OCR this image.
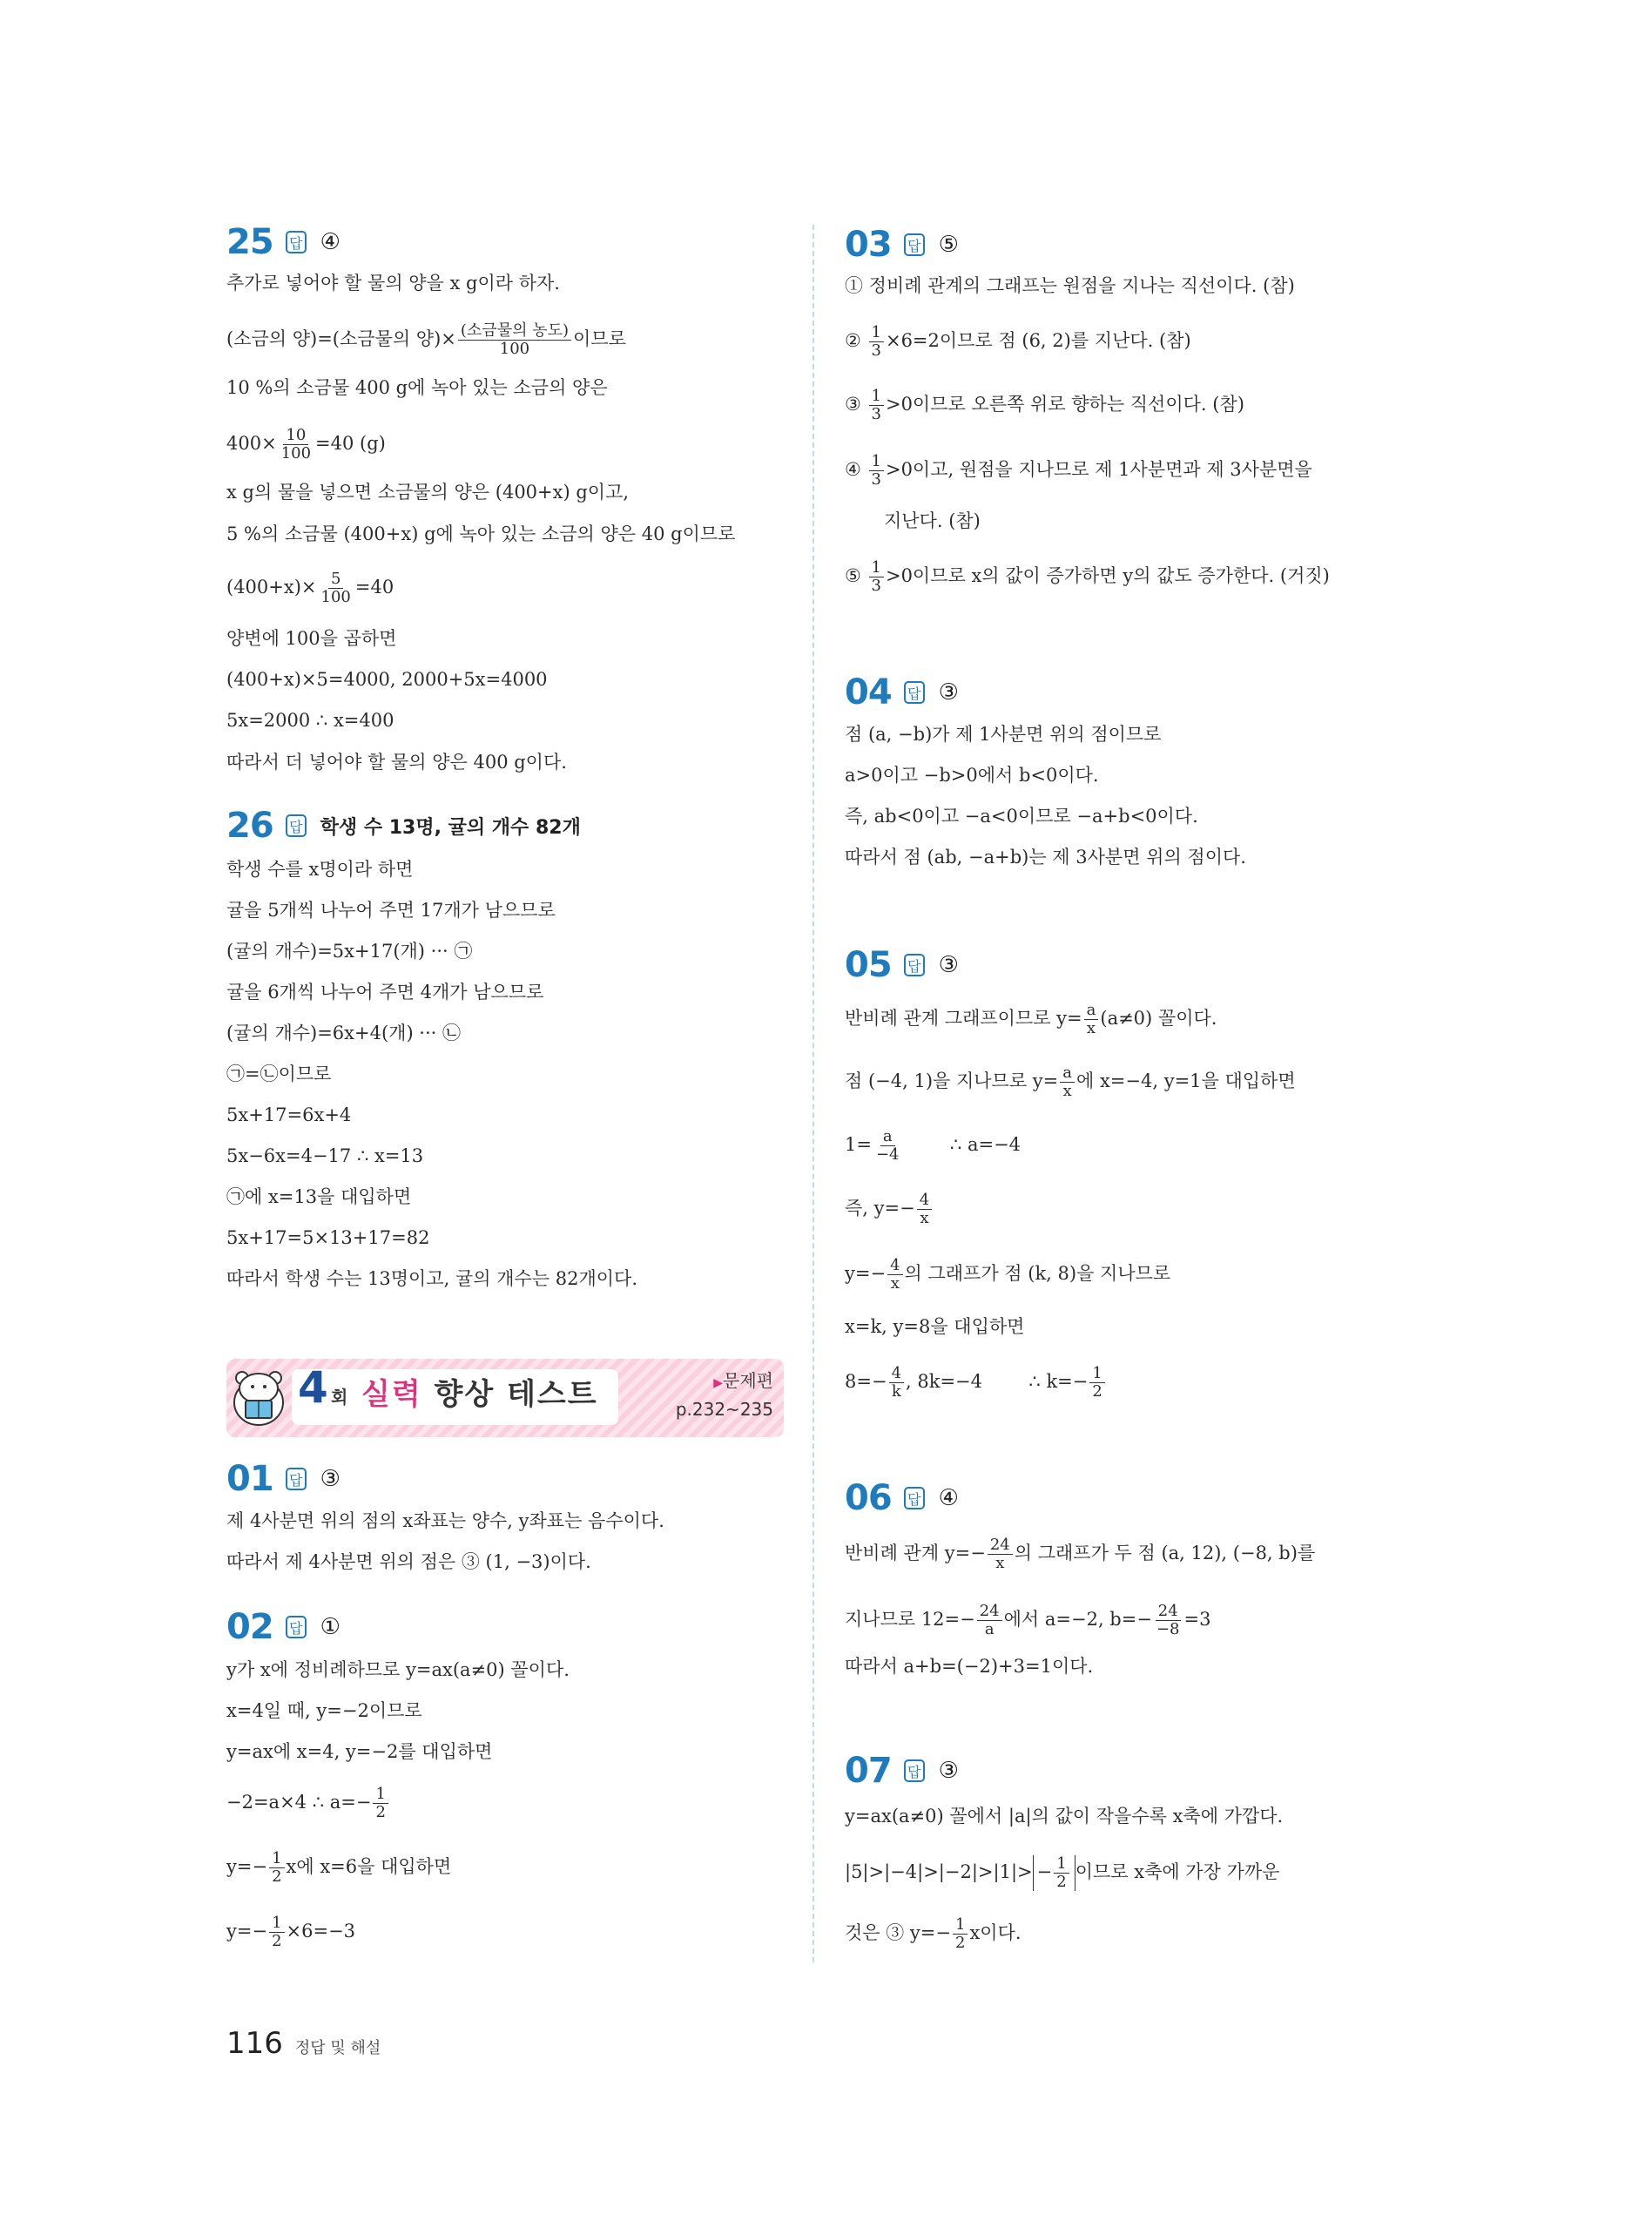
25 답 ④
추가로 넣어야 할 물의 양을 x g이라 하자.
(소금의 양)=(소금물의 양)× $\frac{\text{(소금물의 농도)}}{100}$ 이므로
10 %의 소금물 400 g에 녹아 있는 소금의 양은
$400\times \frac{10}{100} =40$ (g)
x g의 물을 넣으면 소금물의 양은 (400+x) g이고,
5 %의 소금물 (400+x) g에 녹아 있는 소금의 양은 40 g이므로
$(400+x)\times \frac{5}{100} =40$
양변에 100을 곱하면
(400+x)×5=4000, 2000+5x=4000
5x=2000 ∴ x=400
따라서 더 넣어야 할 물의 양은 400 g이다.
26 답 학생 수 13명, 귤의 개수 82개
학생 수를 x명이라 하면
귤을 5개씩 나누어 주면 17개가 남으므로
(귤의 개수)=5x+17(개) ··· ㉠
귤을 6개씩 나누어 주면 4개가 남으므로
(귤의 개수)=6x+4(개) ··· ㉡
㉠=㉡이므로
5x+17=6x+4
5x−6x=4−17 ∴ x=13
㉠에 x=13을 대입하면
5x+17=5×13+17=82
따라서 학생 수는 13명이고, 귤의 개수는 82개이다.
01 답 ③
제 4사분면 위의 점의 x좌표는 양수, y좌표는 음수이다.
따라서 제 4사분면 위의 점은 ③ (1, −3)이다.
02 답 ①
y가 x에 정비례하므로 y=ax(a≠0) 꼴이다.
x=4일 때, y=−2이므로
y=ax에 x=4, y=−2를 대입하면
−2=a×4 ∴ $a=- \frac{1}{2}$
$y=- \frac{1}{2}$ x에 x=6을 대입하면
$y=- \frac{1}{2} \times 6=-3$
4 회 실력 향상 테스트	▶문제편
p.232~235
03 답 ⑤
① 정비례 관계의 그래프는 원점을 지나는 직선이다. (참)
② $\frac{1}{3} \times 6=2$이므로 점 (6, 2)를 지난다. (참)
③ $\frac{1}{3} >0$이므로 오른쪽 위로 향하는 직선이다. (참)
④ $\frac{1}{3} >0$이고, 원점을 지나므로 제 1사분면과 제 3사분면을
지난다. (참)
⑤ $\frac{1}{3} >0$이므로 x의 값이 증가하면 y의 값도 증가한다. (거짓)
04 답 ③
점 (a, −b)가 제 1사분면 위의 점이므로
a>0이고 −b>0에서 b<0이다.
즉, ab<0이고 −a<0이므로 −a+b<0이다.
따라서 점 (ab, −a+b)는 제 3사분면 위의 점이다.
05 답 ③
반비례 관계 그래프이므로 $y= \frac{a}{x} (a\ne 0)$ 꼴이다.
점 (−4, 1)을 지나므로 $y= \frac{a}{x}$ 에 x=−4, y=1을 대입하면
$1= \frac{a}{-4}$ ∴ a=−4
즉, $y=- \frac{4}{x}$
$y=- \frac{4}{x}$ 의 그래프가 점 (k, 8)을 지나므로
x=k, y=8을 대입하면
$8=- \frac{4}{k}$ , 8k=−4        ∴ $k=- \frac{1}{2}$
06 답 ④
반비례 관계 $y=- \frac{24}{x}$ 의 그래프가 두 점 (a, 12), (−8, b)를
지나므로 $12=- \frac{24}{a}$ 에서 a=−2, $b=- \frac{24}{-8} =3$
따라서 a+b=(−2)+3=1이다.
07 답 ③
y=ax(a≠0) 꼴에서 |a|의 값이 작을수록 x축에 가깝다.
$|5|>|-4|>|-2|>|1|> - \frac{1}{2}$ 이므로 x축에 가장 가까운
것은 ③ $y=- \frac{1}{2}$ x이다.
116 정답 및 해설
